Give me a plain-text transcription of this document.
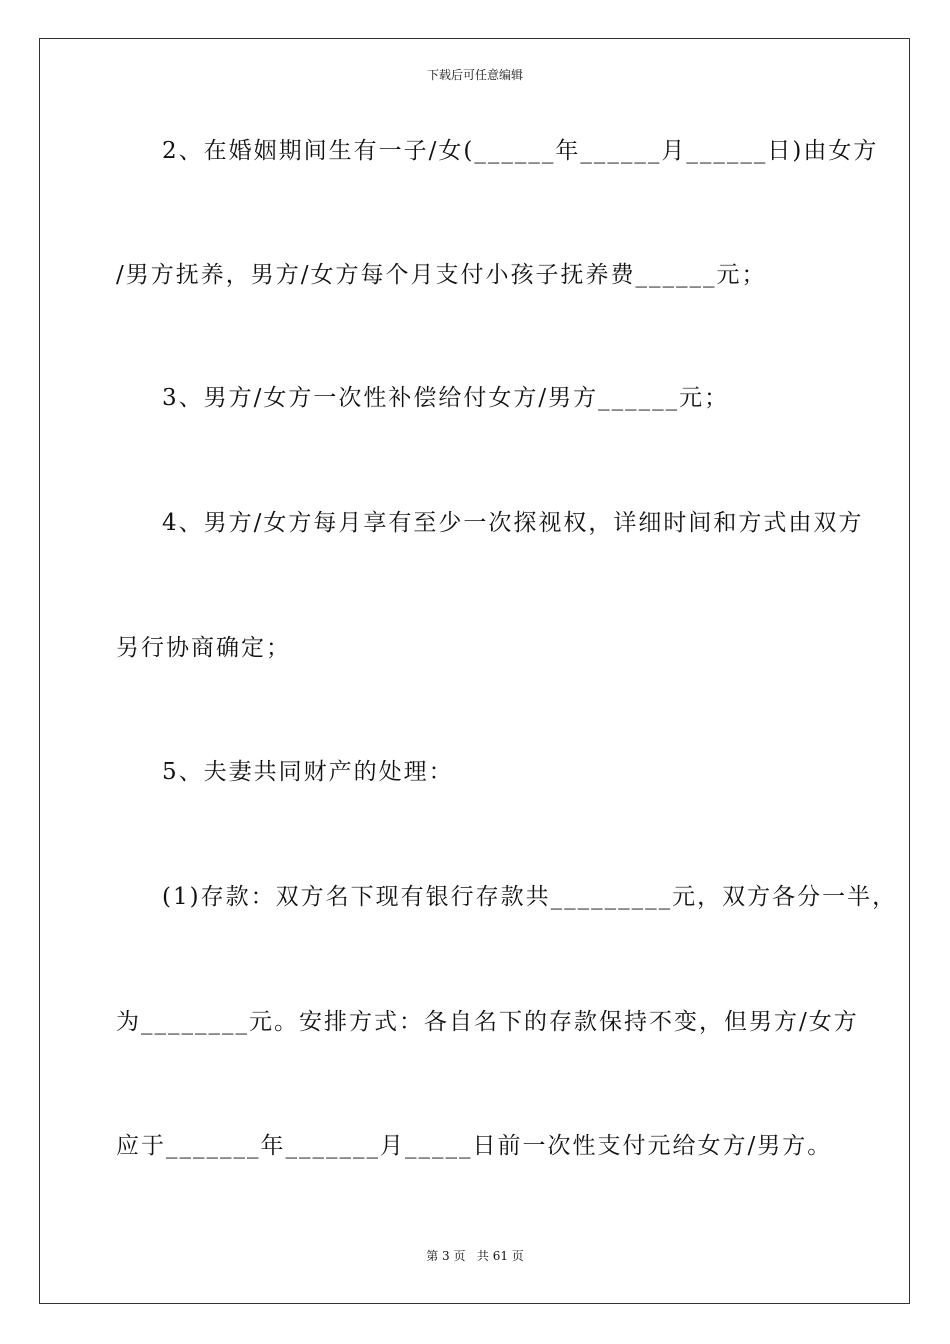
下载后可任意编辑
2、在婚姻期间生有一子/女(______年______月______日)由女方
/男方抚养，男方/女方每个月支付小孩子抚养费______元；
3、男方/女方一次性补偿给付女方/男方______元；
4、男方/女方每月享有至少一次探视权，详细时间和方式由双方
另行协商确定；
5、夫妻共同财产的处理：
(1)存款：双方名下现有银行存款共_________元，双方各分一半，
为________元。安排方式：各自名下的存款保持不变，但男方/女方
应于_______年_______月_____日前一次性支付元给女方/男方。
第 3 页 共 61 页
